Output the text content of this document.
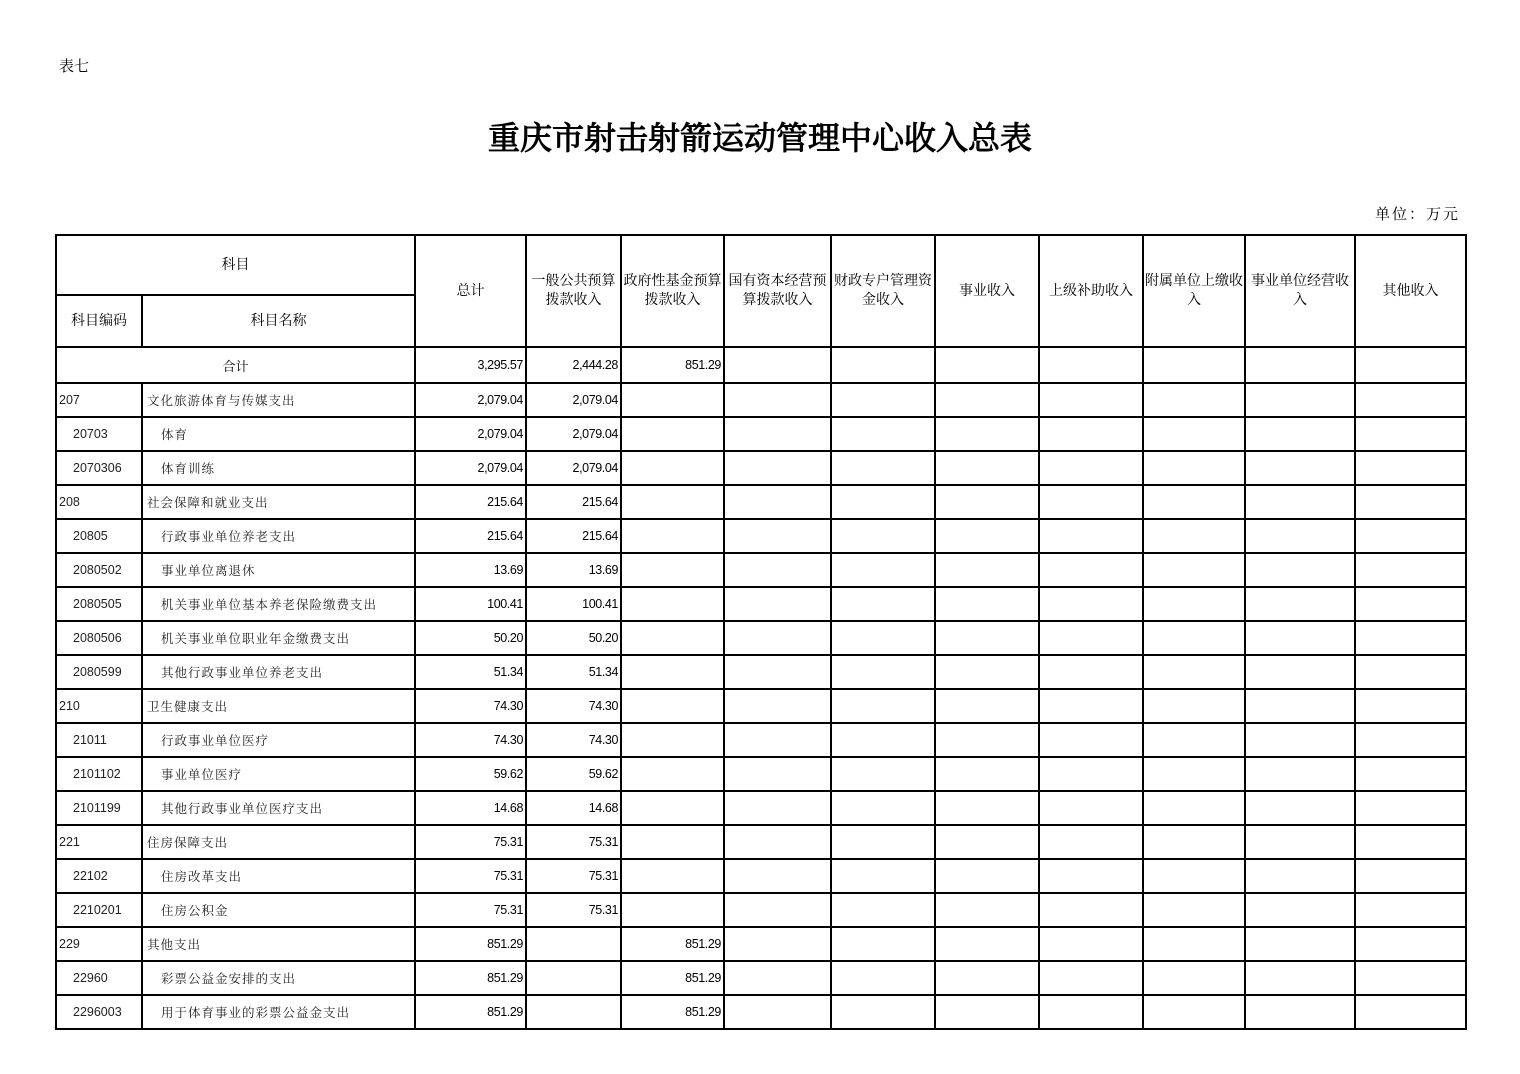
表七
重庆市射击射箭运动管理中心收入总表
单位：万元
科目		总计	一般公共预算拨款收入	政府性基金预算拨款收入	国有资本经营预算拨款收入	财政专户管理资金收入	事业收入	上级补助收入	附属单位上缴收入	事业单位经营收入	其他收入
科目编码	科目名称										
合计		3,295.57	2,444.28	851.29							
207	文化旅游体育与传媒支出	2,079.04	2,079.04								
20703	体育	2,079.04	2,079.04								
2070306	体育训练	2,079.04	2,079.04								
208	社会保障和就业支出	215.64	215.64								
20805	行政事业单位养老支出	215.64	215.64								
2080502	事业单位离退休	13.69	13.69								
2080505	机关事业单位基本养老保险缴费支出	100.41	100.41								
2080506	机关事业单位职业年金缴费支出	50.20	50.20								
2080599	其他行政事业单位养老支出	51.34	51.34								
210	卫生健康支出	74.30	74.30								
21011	行政事业单位医疗	74.30	74.30								
2101102	事业单位医疗	59.62	59.62								
2101199	其他行政事业单位医疗支出	14.68	14.68								
221	住房保障支出	75.31	75.31								
22102	住房改革支出	75.31	75.31								
2210201	住房公积金	75.31	75.31								
229	其他支出	851.29		851.29							
22960	彩票公益金安排的支出	851.29		851.29							
2296003	用于体育事业的彩票公益金支出	851.29		851.29							
